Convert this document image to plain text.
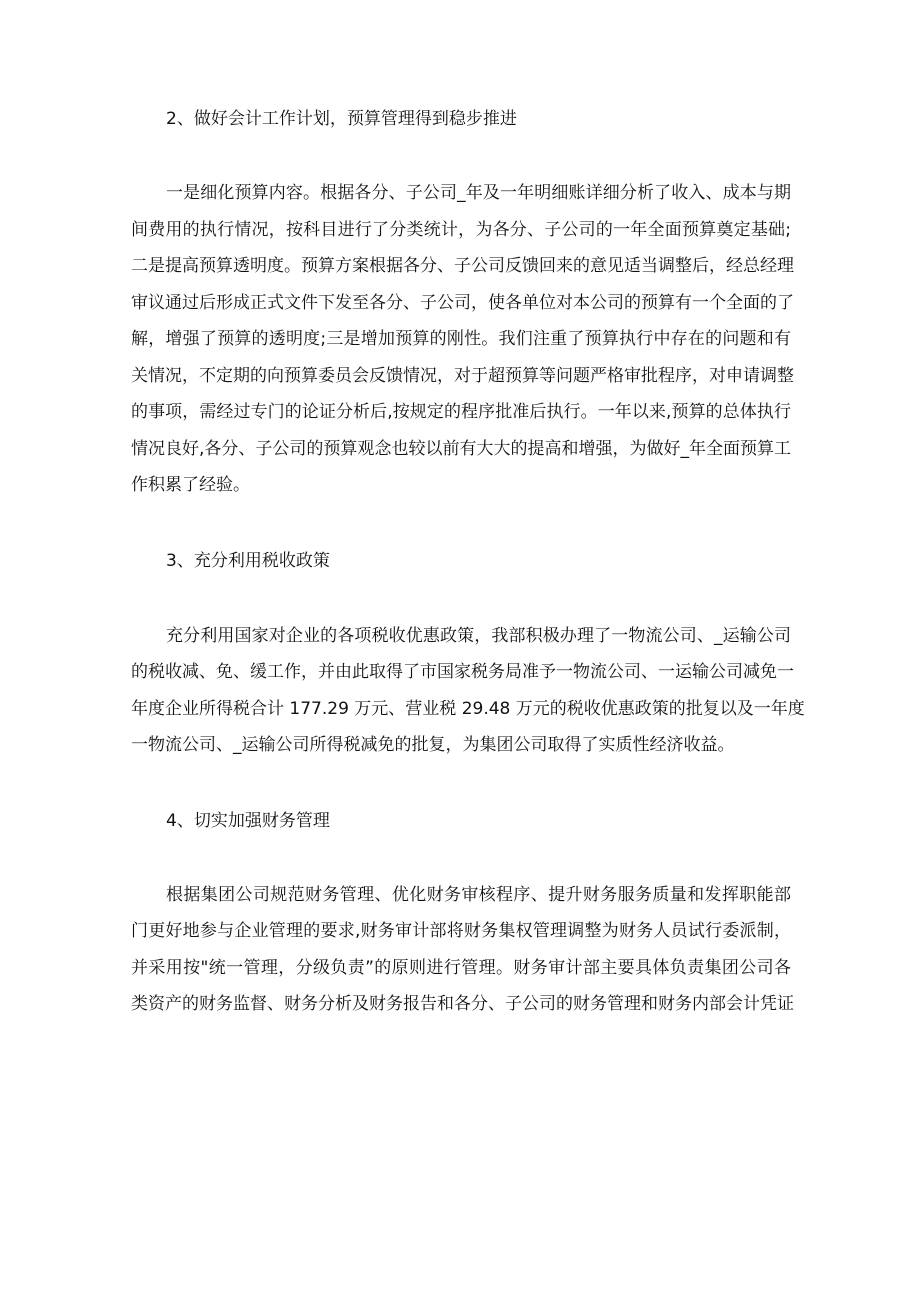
2、做好会计工作计划，预算管理得到稳步推进

一是细化预算内容。根据各分、子公司_年及一年明细账详细分析了收入、成本与期
间费用的执行情况，按科目进行了分类统计，为各分、子公司的一年全面预算奠定基础;
二是提高预算透明度。预算方案根据各分、子公司反馈回来的意见适当调整后，经总经理
审议通过后形成正式文件下发至各分、子公司，使各单位对本公司的预算有一个全面的了
解，增强了预算的透明度;三是增加预算的刚性。我们注重了预算执行中存在的问题和有
关情况，不定期的向预算委员会反馈情况，对于超预算等问题严格审批程序，对申请调整
的事项，需经过专门的论证分析后,按规定的程序批准后执行。一年以来,预算的总体执行
情况良好,各分、子公司的预算观念也较以前有大大的提高和增强，为做好_年全面预算工
作积累了经验。

3、充分利用税收政策

充分利用国家对企业的各项税收优惠政策，我部积极办理了一物流公司、_运输公司
的税收减、免、缓工作，并由此取得了市国家税务局准予一物流公司、一运输公司减免一
年度企业所得税合计 177.29 万元、营业税 29.48 万元的税收优惠政策的批复以及一年度
一物流公司、_运输公司所得税减免的批复，为集团公司取得了实质性经济收益。

4、切实加强财务管理

根据集团公司规范财务管理、优化财务审核程序、提升财务服务质量和发挥职能部
门更好地参与企业管理的要求,财务审计部将财务集权管理调整为财务人员试行委派制，
并采用按"统一管理，分级负责”的原则进行管理。财务审计部主要具体负责集团公司各
类资产的财务监督、财务分析及财务报告和各分、子公司的财务管理和财务内部会计凭证
